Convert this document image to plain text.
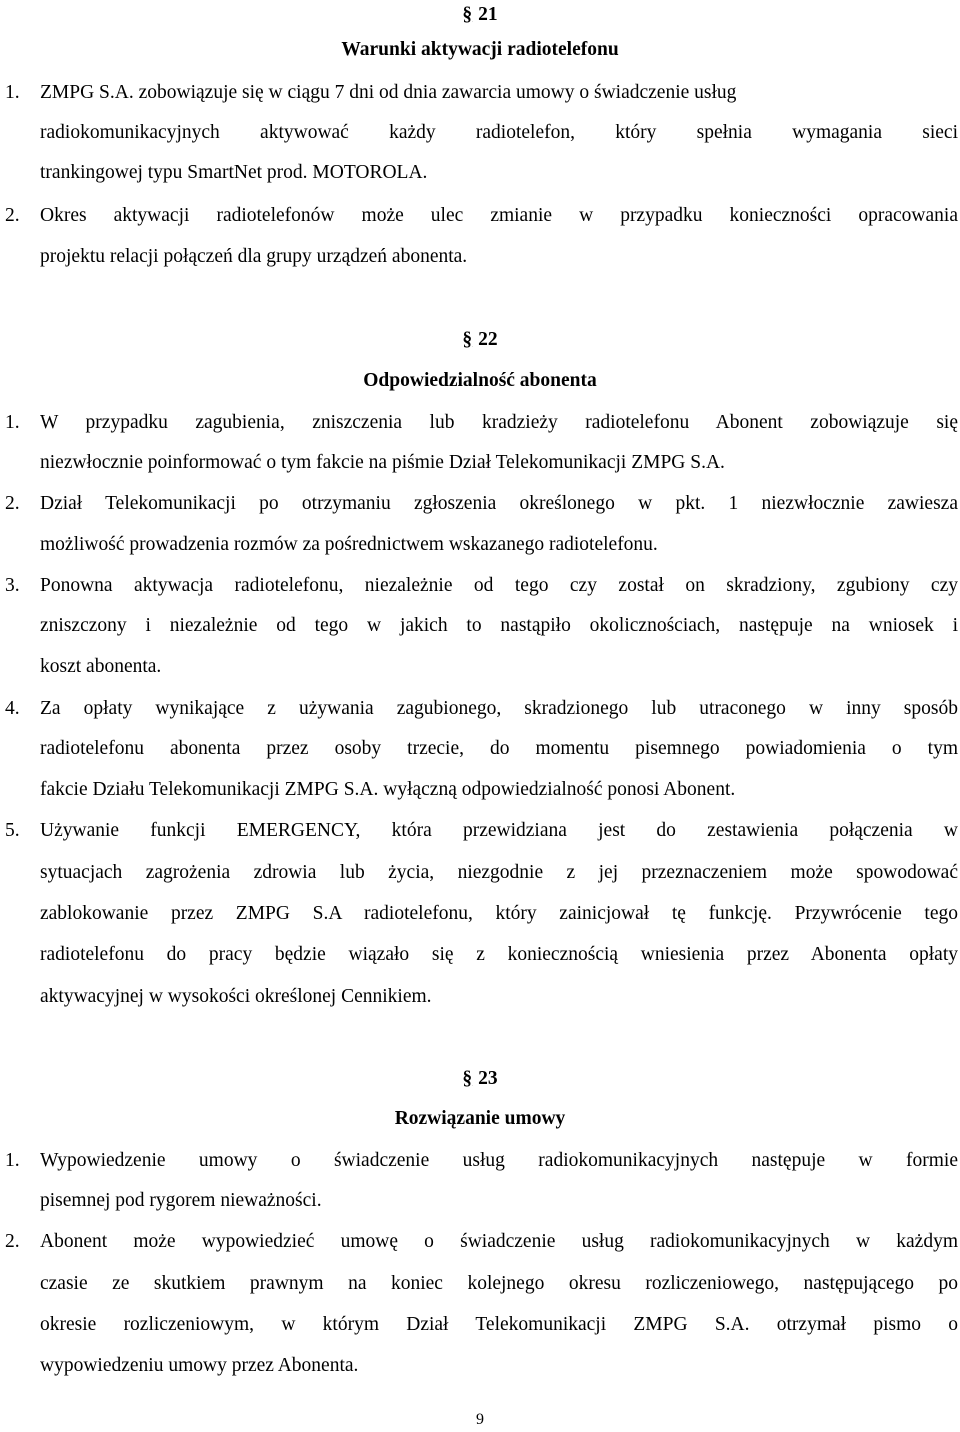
§ 21
Warunki aktywacji radiotelefonu
1. ZMPG S.A. zobowiązuje się w ciągu 7 dni od dnia zawarcia umowy o świadczenie usług
radiokomunikacyjnych aktywować każdy radiotelefon, który spełnia wymagania sieci
trankingowej typu SmartNet prod. MOTOROLA.
2. Okres aktywacji radiotelefonów może ulec zmianie w przypadku konieczności opracowania
projektu relacji połączeń dla grupy urządzeń abonenta.
§ 22
Odpowiedzialność abonenta
1. W przypadku zagubienia, zniszczenia lub kradzieży radiotelefonu Abonent zobowiązuje się
niezwłocznie poinformować o tym fakcie na piśmie Dział Telekomunikacji ZMPG S.A.
2. Dział Telekomunikacji po otrzymaniu zgłoszenia określonego w pkt. 1 niezwłocznie zawiesza
możliwość prowadzenia rozmów za pośrednictwem wskazanego radiotelefonu.
3. Ponowna aktywacja radiotelefonu, niezależnie od tego czy został on skradziony, zgubiony czy
zniszczony i niezależnie od tego w jakich to nastąpiło okolicznościach, następuje na wniosek i
koszt abonenta.
4. Za opłaty wynikające z używania zagubionego, skradzionego lub utraconego w inny sposób
radiotelefonu abonenta przez osoby trzecie, do momentu pisemnego powiadomienia o tym
fakcie Działu Telekomunikacji ZMPG S.A. wyłączną odpowiedzialność ponosi Abonent.
5. Używanie funkcji EMERGENCY, która przewidziana jest do zestawienia połączenia w
sytuacjach zagrożenia zdrowia lub życia, niezgodnie z jej przeznaczeniem może spowodować
zablokowanie przez ZMPG S.A radiotelefonu, który zainicjował tę funkcję. Przywrócenie tego
radiotelefonu do pracy będzie wiązało się z koniecznością wniesienia przez Abonenta opłaty
aktywacyjnej w wysokości określonej Cennikiem.
§ 23
Rozwiązanie umowy
1. Wypowiedzenie umowy o świadczenie usług radiokomunikacyjnych następuje w formie
pisemnej pod rygorem nieważności.
2. Abonent może wypowiedzieć umowę o świadczenie usług radiokomunikacyjnych w każdym
czasie ze skutkiem prawnym na koniec kolejnego okresu rozliczeniowego, następującego po
okresie rozliczeniowym, w którym Dział Telekomunikacji ZMPG S.A. otrzymał pismo o
wypowiedzeniu umowy przez Abonenta.
9
